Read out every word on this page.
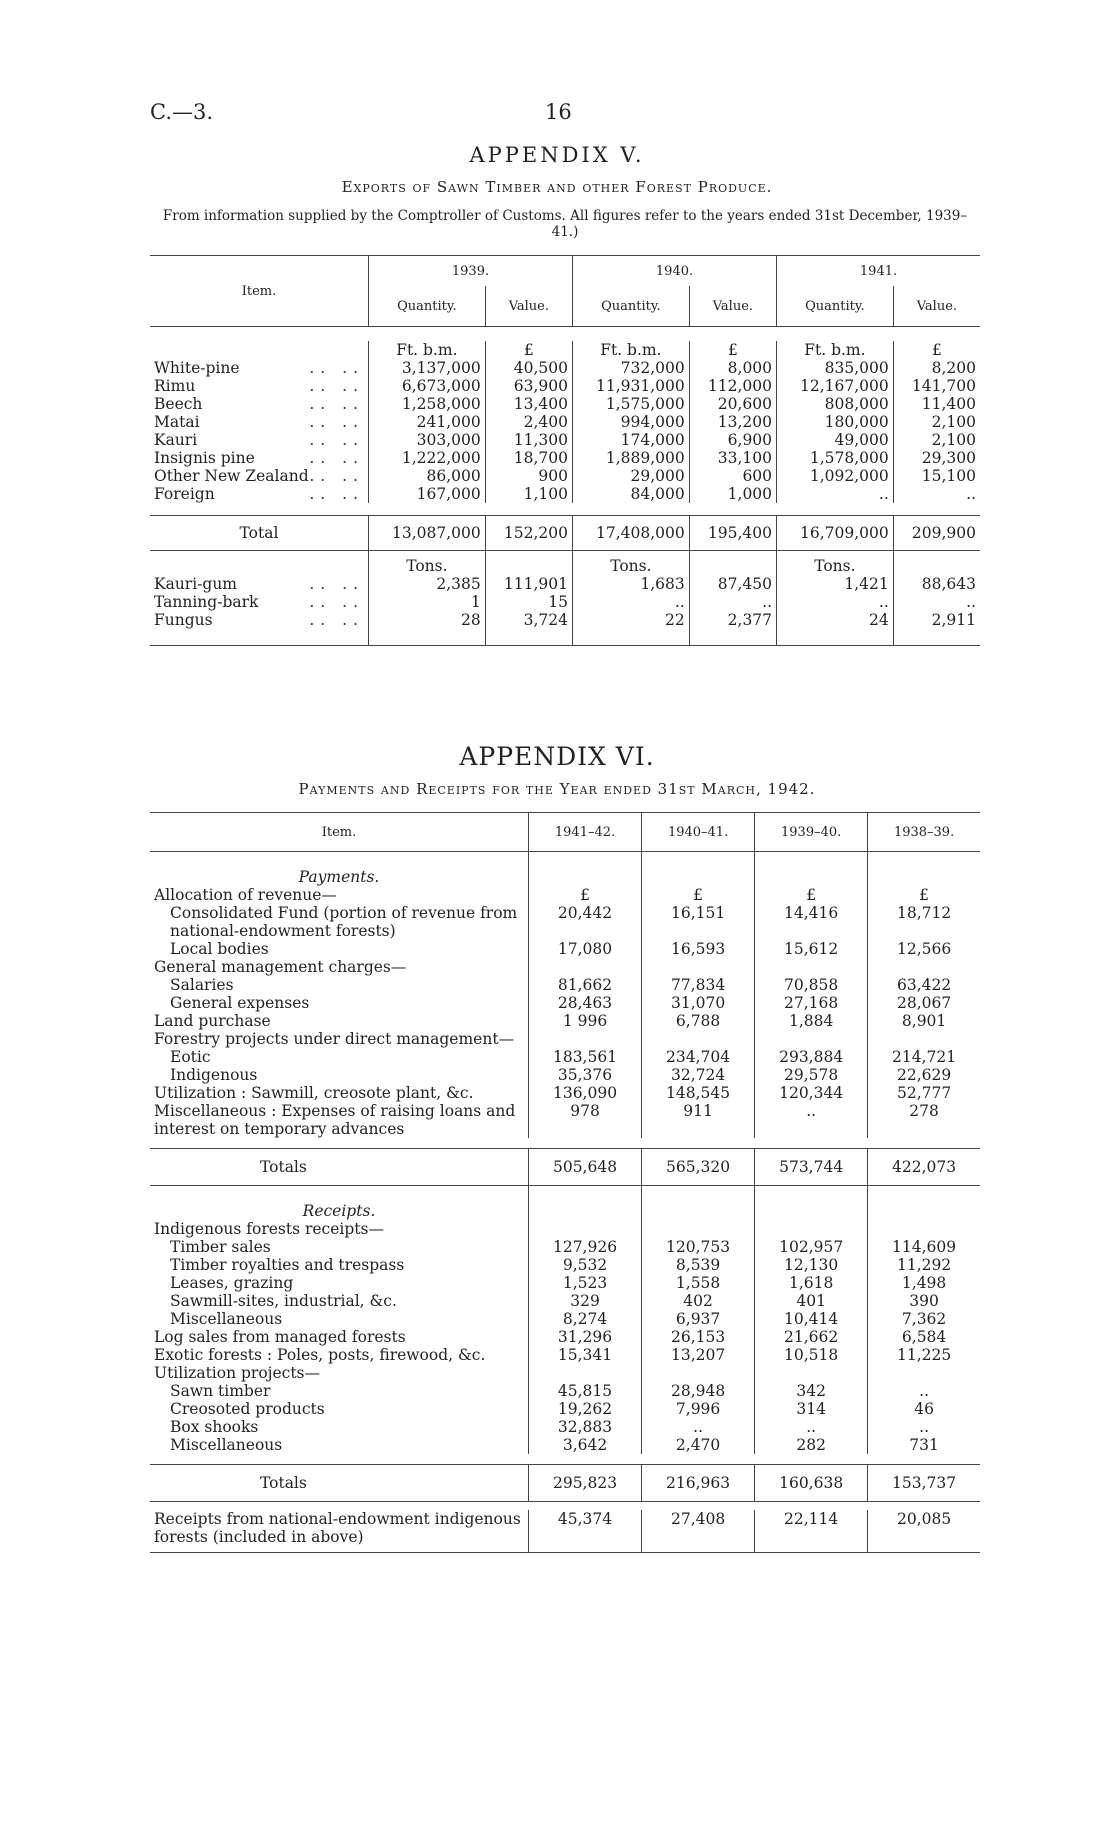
C.—3.	16
APPENDIX V.
Exports of Sawn Timber and other Forest Produce.
From information supplied by the Comptroller of Customs. All figures refer to the years ended 31st December, 1939–41.)
Item.	1939.		1940.		1941.	
	Quantity.	Value.	Quantity.	Value.	Quantity.	Value.

	Ft. b.m.	£	Ft. b.m.	£	Ft. b.m.	£
White-pine .. ..	3,137,000	40,500	732,000	8,000	835,000	8,200
Rimu .. ..	6,673,000	63,900	11,931,000	112,000	12,167,000	141,700
Beech .. ..	1,258,000	13,400	1,575,000	20,600	808,000	11,400
Matai .. ..	241,000	2,400	994,000	13,200	180,000	2,100
Kauri .. ..	303,000	11,300	174,000	6,900	49,000	2,100
Insignis pine .. ..	1,222,000	18,700	1,889,000	33,100	1,578,000	29,300
Other New Zealand .. ..	86,000	900	29,000	600	1,092,000	15,100
Foreign .. ..	167,000	1,100	84,000	1,000	..	..

Total	13,087,000	152,200	17,408,000	195,400	16,709,000	209,900
	Tons.		Tons.		Tons.	
Kauri-gum .. ..	2,385	111,901	1,683	87,450	1,421	88,643
Tanning-bark .. ..	1	15	..	..	..	..
Fungus .. ..	28	3,724	22	2,377	24	2,911
APPENDIX VI.
Payments and Receipts for the Year ended 31st March, 1942.
Item.	1941–42.	1940–41.	1939–40.	1938–39.
Payments.				
Allocation of revenue—	£	£	£	£
Consolidated Fund (portion of revenue from national-endowment forests)	20,442	16,151	14,416	18,712
Local bodies	17,080	16,593	15,612	12,566
General management charges—				
Salaries	81,662	77,834	70,858	63,422
General expenses	28,463	31,070	27,168	28,067
Land purchase	1 996	6,788	1,884	8,901
Forestry projects under direct management—				
Eotic	183,561	234,704	293,884	214,721
Indigenous	35,376	32,724	29,578	22,629
Utilization : Sawmill, creosote plant, &c.	136,090	148,545	120,344	52,777
Miscellaneous : Expenses of raising loans and interest on temporary advances	978	911	..	278

Totals	505,648	565,320	573,744	422,073
Receipts.				
Indigenous forests receipts—				
Timber sales	127,926	120,753	102,957	114,609
Timber royalties and trespass	9,532	8,539	12,130	11,292
Leases, grazing	1,523	1,558	1,618	1,498
Sawmill-sites, industrial, &c.	329	402	401	390
Miscellaneous	8,274	6,937	10,414	7,362
Log sales from managed forests	31,296	26,153	21,662	6,584
Exotic forests : Poles, posts, firewood, &c.	15,341	13,207	10,518	11,225
Utilization projects—				
Sawn timber	45,815	28,948	342	..
Creosoted products	19,262	7,996	314	46
Box shooks	32,883	..	..	..
Miscellaneous	3,642	2,470	282	731

Totals	295,823	216,963	160,638	153,737

Receipts from national-endowment indigenous forests (included in above)	45,374	27,408	22,114	20,085
